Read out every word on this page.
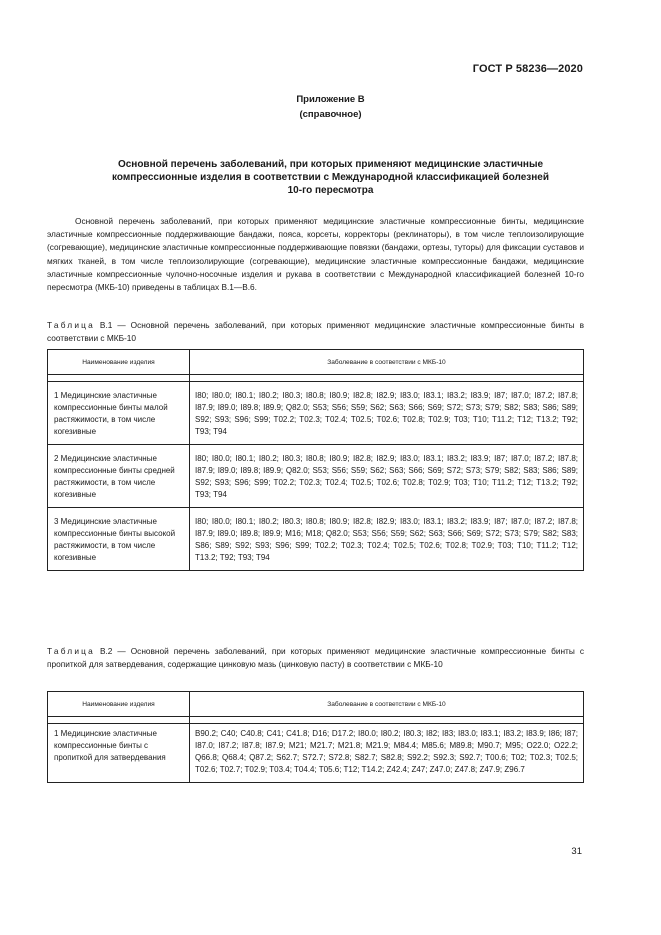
ГОСТ Р 58236—2020
Приложение В
(справочное)
Основной перечень заболеваний, при которых применяют медицинские эластичные
компрессионные изделия в соответствии с Международной классификацией болезней
10-го пересмотра

Основной перечень заболеваний, при которых применяют медицинские эластичные компрессионные бинты, медицинские эластичные компрессионные поддерживающие бандажи, пояса, корсеты, корректоры (реклинаторы), в том числе теплоизолирующие (согревающие), медицинские эластичные компрессионные поддерживающие повязки (бандажи, ортезы, туторы) для фиксации суставов и мягких тканей, в том числе теплоизолирующие (согревающие), медицинские эластичные компрессионные бандажи, медицинские эластичные компрессионные чулочно-носочные изделия и рукава в соответствии с Международной классификацией болезней 10-го пересмотра (МКБ-10) приведены в таблицах В.1—В.6.

Таблица В.1 — Основной перечень заболеваний, при которых применяют медицинские эластичные компрессионные бинты в соответствии с МКБ-10

Наименование изделия	Заболевание в соответствии с МКБ-10

1 Медицинские эластичные компрессионные бинты малой растяжимости, в том числе когезивные	I80; I80.0; I80.1; I80.2; I80.3; I80.8; I80.9; I82.8; I82.9; I83.0; I83.1; I83.2; I83.9; I87; I87.0; I87.2; I87.8; I87.9; I89.0; I89.8; I89.9; Q82.0; S53; S56; S59; S62; S63; S66; S69; S72; S73; S79; S82; S83; S86; S89; S92; S93; S96; S99; T02.2; T02.3; T02.4; T02.5; T02.6; T02.8; T02.9; T03; T10; T11.2; T12; T13.2; T92; T93; T94
2 Медицинские эластичные компрессионные бинты средней растяжимости, в том числе когезивные	I80; I80.0; I80.1; I80.2; I80.3; I80.8; I80.9; I82.8; I82.9; I83.0; I83.1; I83.2; I83.9; I87; I87.0; I87.2; I87.8; I87.9; I89.0; I89.8; I89.9; Q82.0; S53; S56; S59; S62; S63; S66; S69; S72; S73; S79; S82; S83; S86; S89; S92; S93; S96; S99; T02.2; T02.3; T02.4; T02.5; T02.6; T02.8; T02.9; T03; T10; T11.2; T12; T13.2; T92; T93; T94
3 Медицинские эластичные компрессионные бинты высокой растяжимости, в том числе когезивные	I80; I80.0; I80.1; I80.2; I80.3; I80.8; I80.9; I82.8; I82.9; I83.0; I83.1; I83.2; I83.9; I87; I87.0; I87.2; I87.8; I87.9; I89.0; I89.8; I89.9; M16; M18; Q82.0; S53; S56; S59; S62; S63; S66; S69; S72; S73; S79; S82; S83; S86; S89; S92; S93; S96; S99; T02.2; T02.3; T02.4; T02.5; T02.6; T02.8; T02.9; T03; T10; T11.2; T12; T13.2; T92; T93; T94

Таблица В.2 — Основной перечень заболеваний, при которых применяют медицинские эластичные компрессионные бинты с пропиткой для затвердевания, содержащие цинковую мазь (цинковую пасту) в соответствии с МКБ-10

Наименование изделия	Заболевание в соответствии с МКБ-10

1 Медицинские эластичные компрессионные бинты с пропиткой для затвердевания	B90.2; C40; C40.8; C41; C41.8; D16; D17.2; I80.0; I80.2; I80.3; I82; I83; I83.0; I83.1; I83.2; I83.9; I86; I87; I87.0; I87.2; I87.8; I87.9; M21; M21.7; M21.8; M21.9; M84.4; M85.6; M89.8; M90.7; M95; O22.0; O22.2; Q66.8; Q68.4; Q87.2; S62.7; S72.7; S72.8; S82.7; S82.8; S92.2; S92.3; S92.7; T00.6; T02; T02.3; T02.5; T02.6; T02.7; T02.9; T03.4; T04.4; T05.6; T12; T14.2; Z42.4; Z47; Z47.0; Z47.8; Z47.9; Z96.7
31
